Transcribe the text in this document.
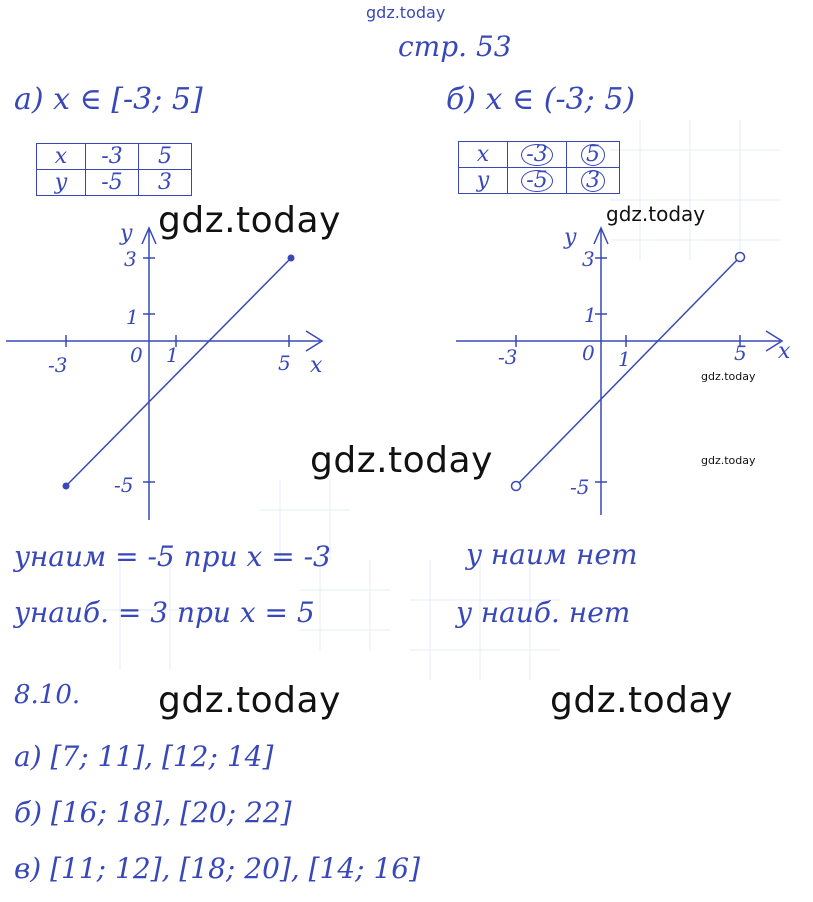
gdz.today
cтр. 53
а) x ∈ [-3; 5]
x	-3	5
y	-5	3
y
x
3
1
-5
-3	0 1	5
yнаим = -5 при x = -3
yнаиб. = 3 при x = 5
б) x ∈ (-3; 5)
x	-3	5
y	-5	3
y
x
3
1
-5
-3	0 1	5
y наим нет
y наиб. нет
8.10.
а) [7; 11], [12; 14]
б) [16; 18], [20; 22]
в) [11; 12], [18; 20], [14; 16]
gdz.today	gdz.today
gdz.today
gdz.today	gdz.today
gdz.today	gdz.today
